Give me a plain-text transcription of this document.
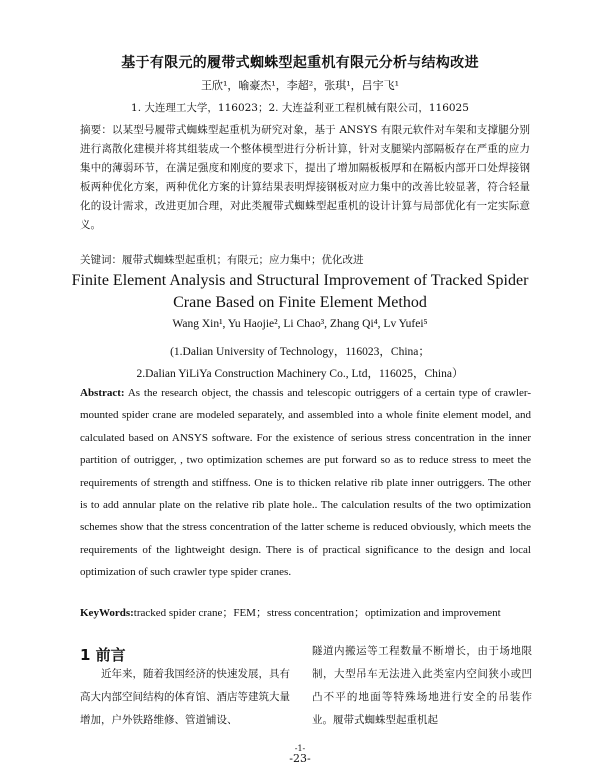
基于有限元的履带式蜘蛛型起重机有限元分析与结构改进
王欣¹，喻豪杰¹，李超²，张琪¹，吕宇飞¹
1. 大连理工大学，116023；2. 大连益利亚工程机械有限公司，116025
摘要：以某型号履带式蜘蛛型起重机为研究对象，基于 ANSYS 有限元软件对车架和支撑腿分别进行离散化建模并将其组装成一个整体模型进行分析计算，针对支腿梁内部隔板存在严重的应力集中的薄弱环节，在满足强度和刚度的要求下，提出了增加隔板板厚和在隔板内部开口处焊接钢板两种优化方案，两种优化方案的计算结果表明焊接钢板对应力集中的改善比较显著，符合轻量化的设计需求，改进更加合理，对此类履带式蜘蛛型起重机的设计计算与局部优化有一定实际意义。
关键词：履带式蜘蛛型起重机；有限元；应力集中；优化改进
Finite Element Analysis and Structural Improvement of Tracked Spider
Crane Based on Finite Element Method
Wang Xin¹, Yu Haojie², Li Chao³, Zhang Qi⁴, Lv Yufei⁵
(1.Dalian University of Technology，116023，China；
2.Dalian YiLiYa Construction Machinery Co., Ltd，116025，China）
Abstract: As the research object, the chassis and telescopic outriggers of a certain type of crawler-mounted spider crane are modeled separately, and assembled into a whole finite element model, and calculated based on ANSYS software. For the existence of serious stress concentration in the inner partition of outrigger, , two optimization schemes are put forward so as to reduce stress to meet the requirements of strength and stiffness. One is to thicken relative rib plate inner outriggers. The other is to add annular plate on the relative rib plate hole.. The calculation results of the two optimization schemes show that the stress concentration of the latter scheme is reduced obviously, which meets the requirements of the lightweight design. There is of practical significance to the design and local optimization of such crawler type spider cranes.
KeyWords:tracked spider crane；FEM；stress concentration；optimization and improvement
1 前言

近年来，随着我国经济的快速发展，具有高大内部空间结构的体育馆、酒店等建筑大量增加，户外铁路维修、管道铺设、

隧道内搬运等工程数量不断增长，由于场地限制，大型吊车无法进入此类室内空间狭小或凹凸不平的地面等特殊场地进行安全的吊装作业。履带式蜘蛛型起重机起

-1-
-23-
